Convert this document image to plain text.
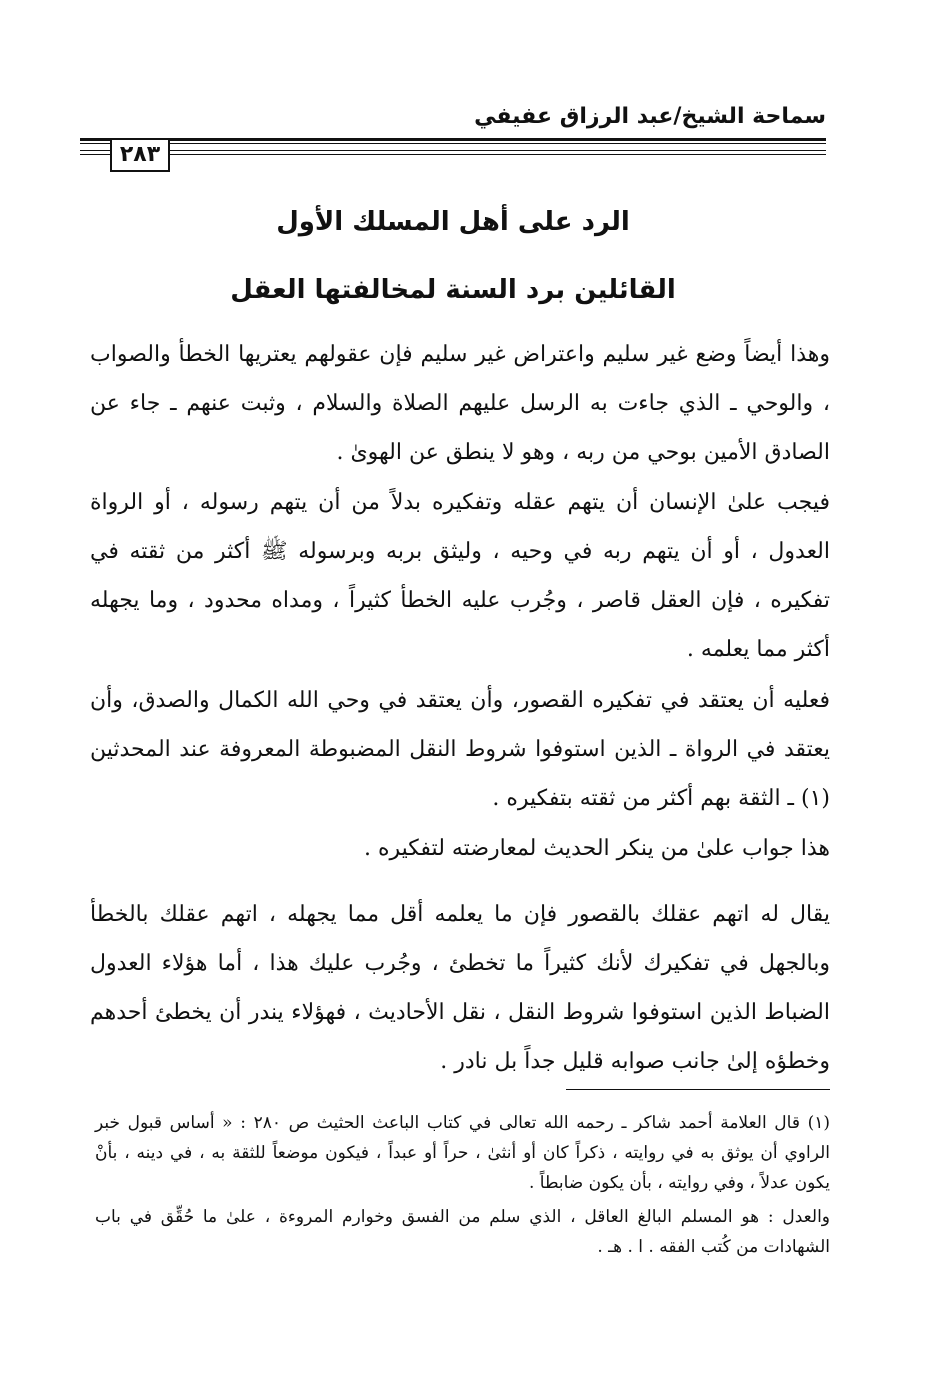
سماحة الشيخ/عبد الرزاق عفيفي
٢٨٣
الرد على أهل المسلك الأول
القائلين برد السنة لمخالفتها العقل

وهذا أيضاً وضع غير سليم واعتراض غير سليم فإن عقولهم يعتريها الخطأ والصواب ، والوحي ـ الذي جاءت به الرسل عليهم الصلاة والسلام ، وثبت عنهم ـ جاء عن الصادق الأمين بوحي من ربه ، وهو لا ينطق عن الهوىٰ .

فيجب علىٰ الإنسان أن يتهم عقله وتفكيره بدلاً من أن يتهم رسوله ، أو الرواة العدول ، أو أن يتهم ربه في وحيه ، وليثق بربه وبرسوله ﷺ أكثر من ثقته في تفكيره ، فإن العقل قاصر ، وجُرب عليه الخطأ كثيراً ، ومداه محدود ، وما يجهله أكثر مما يعلمه .

فعليه أن يعتقد في تفكيره القصور، وأن يعتقد في وحي الله الكمال والصدق، وأن يعتقد في الرواة ـ الذين استوفوا شروط النقل المضبوطة المعروفة عند المحدثين (١) ـ الثقة بهم أكثر من ثقته بتفكيره .

هذا جواب علىٰ من ينكر الحديث لمعارضته لتفكيره .

يقال له اتهم عقلك بالقصور فإن ما يعلمه أقل مما يجهله ، اتهم عقلك بالخطأ وبالجهل في تفكيرك لأنك كثيراً ما تخطئ ، وجُرب عليك هذا ، أما هؤلاء العدول الضباط الذين استوفوا شروط النقل ، نقل الأحاديث ، فهؤلاء يندر أن يخطئ أحدهم وخطؤه إلىٰ جانب صوابه قليل جداً بل نادر .

(١) قال العلامة أحمد شاكر ـ رحمه الله تعالى في كتاب الباعث الحثيث ص ٢٨٠ : « أساس قبول خبر الراوي أن يوثق به في روايته ، ذكراً كان أو أنثىٰ ، حراً أو عبداً ، فيكون موضعاً للثقة به ، في دينه ، بأنْ يكون عدلاً ، وفي روايته ، بأن يكون ضابطاً .

والعدل : هو المسلم البالغ العاقل ، الذي سلم من الفسق وخوارم المروءة ، علىٰ ما حُقِّق في باب الشهادات من كُتب الفقه . ا . هـ .
